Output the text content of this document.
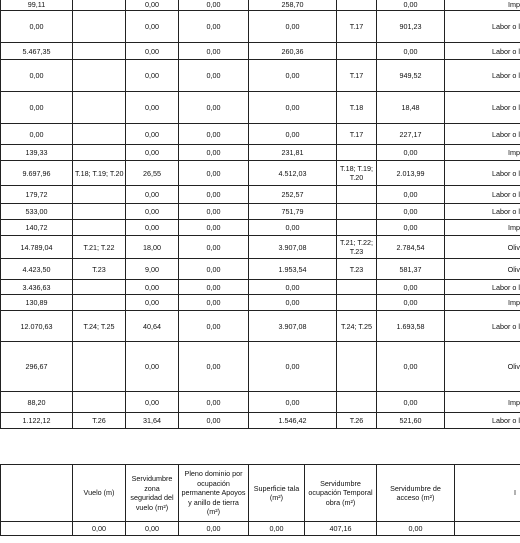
99,11		0,00	0,00	258,70		0,00	Imp
0,00		0,00	0,00	0,00	T.17	901,23	Labor o l
5.467,35		0,00	0,00	260,36		0,00	Labor o l
0,00		0,00	0,00	0,00	T.17	949,52	Labor o l
0,00		0,00	0,00	0,00	T.18	18,48	Labor o l
0,00		0,00	0,00	0,00	T.17	227,17	Labor o l
139,33		0,00	0,00	231,81		0,00	Imp
9.697,96	T.18; T.19; T.20	26,55	0,00	4.512,03	T.18; T.19; T.20	2.013,99	Labor o l
179,72		0,00	0,00	252,57		0,00	Labor o l
533,00		0,00	0,00	751,79		0,00	Labor o l
140,72		0,00	0,00	0,00		0,00	Imp
14.789,04	T.21; T.22	18,00	0,00	3.907,08	T.21; T.22; T.23	2.784,54	Oliv
4.423,50	T.23	9,00	0,00	1.953,54	T.23	581,37	Oliv
3.436,63		0,00	0,00	0,00		0,00	Labor o l
130,89		0,00	0,00	0,00		0,00	Imp
12.070,63	T.24; T.25	40,64	0,00	3.907,08	T.24; T.25	1.693,58	Labor o l
296,67		0,00	0,00	0,00		0,00	Oliv
88,20		0,00	0,00	0,00		0,00	Imp
1.122,12	T.26	31,64	0,00	1.546,42	T.26	521,60	Labor o l
	Vuelo (m)	Servidumbre zona seguridad del vuelo (m²)	Pleno dominio por ocupación permanente Apoyos y anillo de tierra (m²)	Superficie tala (m²)	Servidumbre ocupación Temporal obra (m²)	Servidumbre de acceso (m²)	I
	0,00	0,00	0,00	0,00	407,16	0,00	
